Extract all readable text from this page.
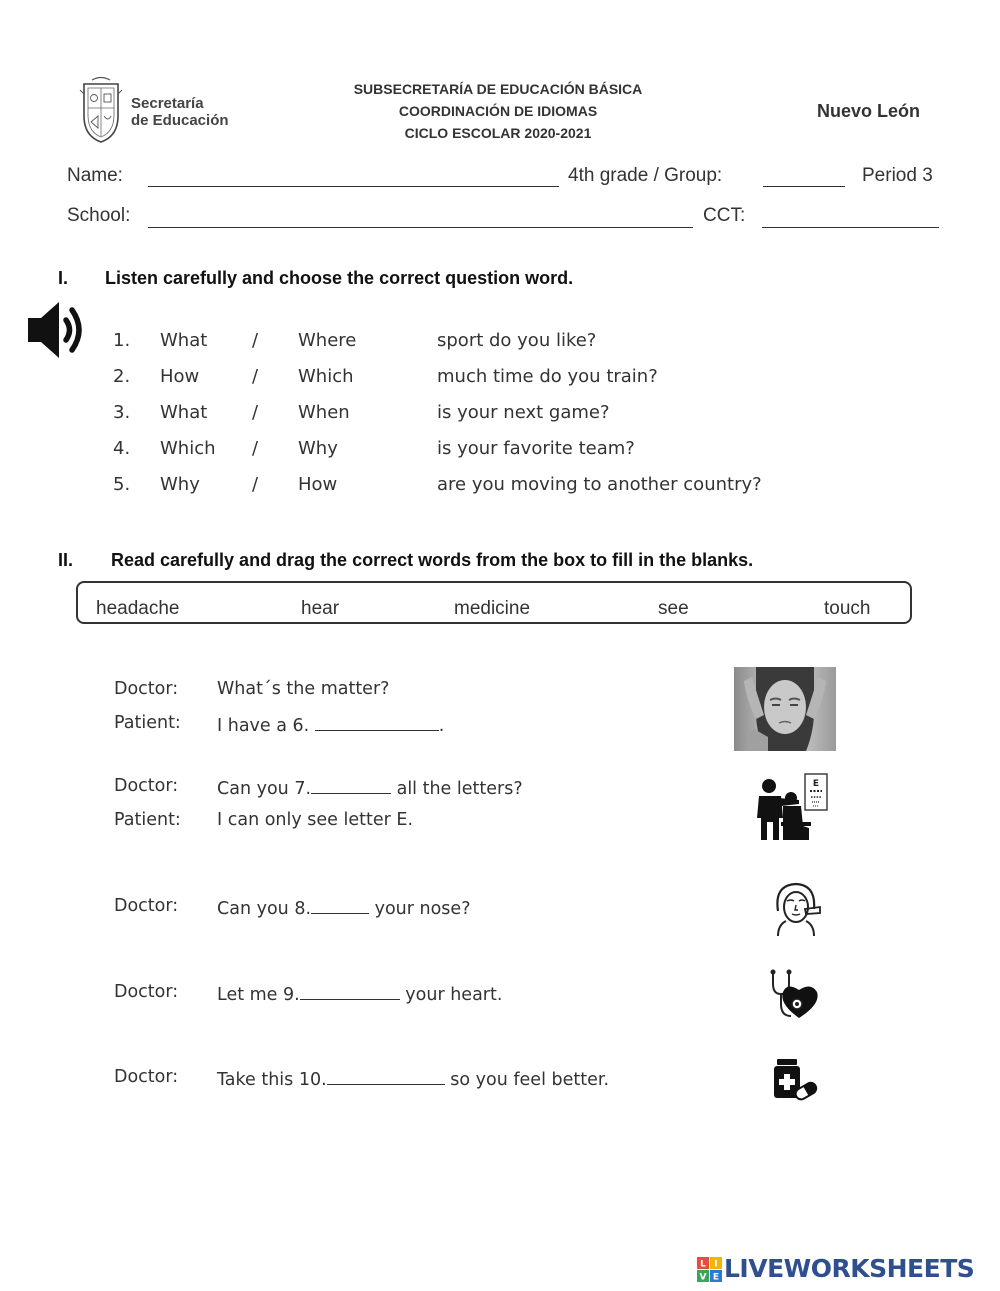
Secretaría
de Educación
SUBSECRETARÍA DE EDUCACIÓN BÁSICA
COORDINACIÓN DE IDIOMAS
CICLO ESCOLAR 2020-2021
Nuevo León
Name:	4th grade / Group:	Period 3
School:	CCT:
I. Listen carefully and choose the correct question word.
1. What / Where	sport do you like?
2. How	/ Which	much time do you train?
3. What / When	is your next game?
4. Which / Why	is your favorite team?
5. Why	/ How	are you moving to another country?
II. Read carefully and drag the correct words from the box to fill in the blanks.
headache	hear	medicine	see	touch
Doctor: What´s the matter?
Patient: I have a 6.	.
Doctor: Can you 7.	all the letters?
Patient: I can only see letter E.
Doctor: Can you 8.	your nose?
Doctor: Let me 9.	your heart.
Doctor: Take this 10.	so you feel better.
E
L I
V E LIVEWORKSHEETS
